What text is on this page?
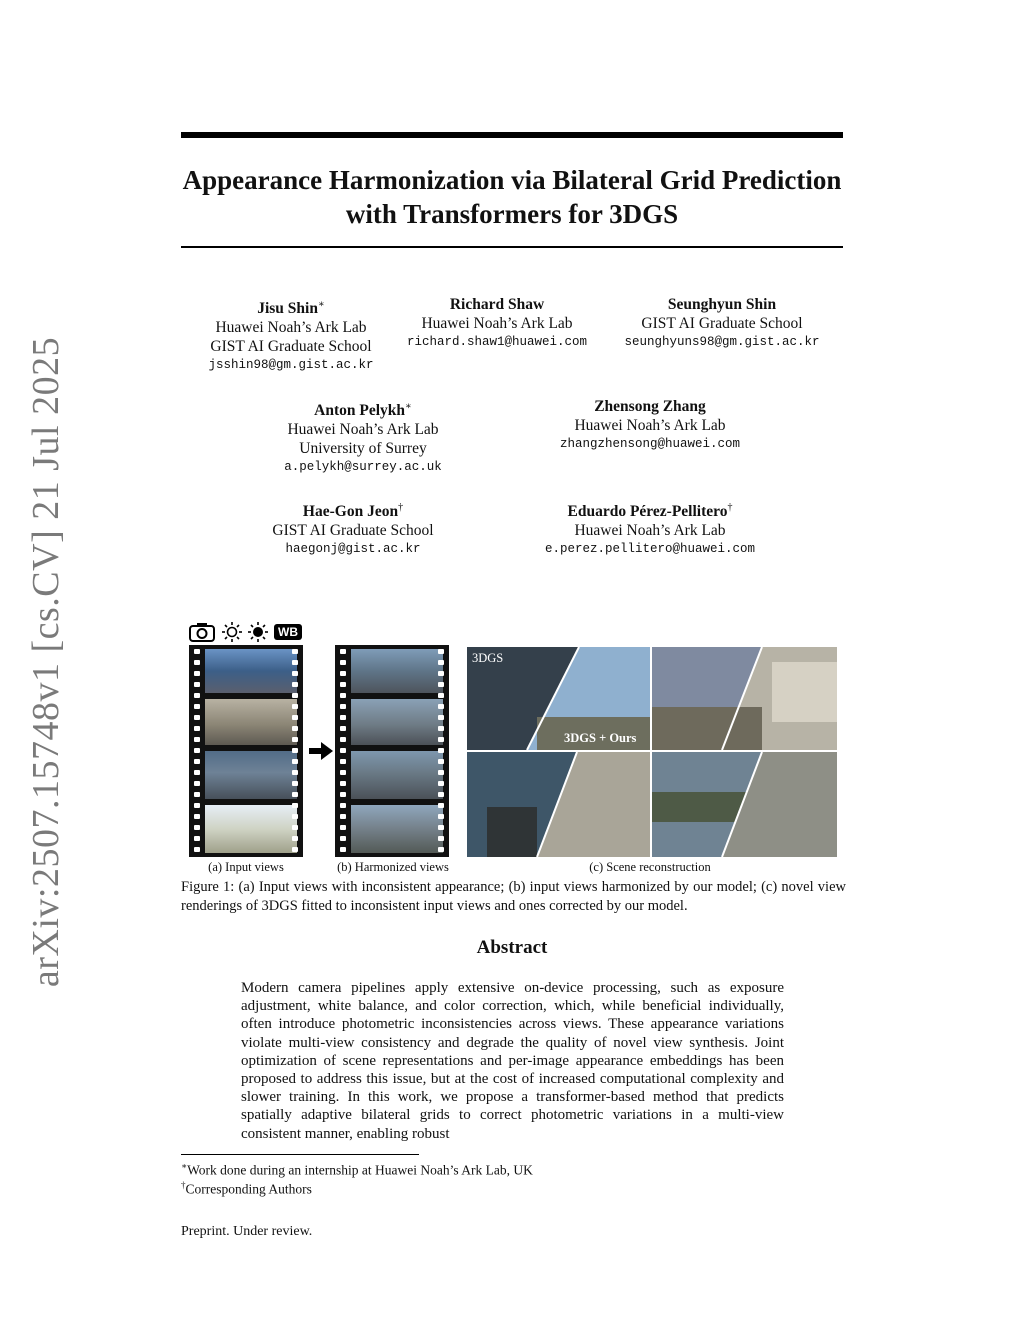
arXiv:2507.15748v1 [cs.CV] 21 Jul 2025
Appearance Harmonization via Bilateral Grid Prediction with Transformers for 3DGS
Jisu Shin∗
Huawei Noah’s Ark Lab
GIST AI Graduate School
jsshin98@gm.gist.ac.kr
Richard Shaw
Huawei Noah’s Ark Lab
richard.shaw1@huawei.com
Seunghyun Shin
GIST AI Graduate School
seunghyuns98@gm.gist.ac.kr
Anton Pelykh∗
Huawei Noah’s Ark Lab
University of Surrey
a.pelykh@surrey.ac.uk
Zhensong Zhang
Huawei Noah’s Ark Lab
zhangzhensong@huawei.com
Hae-Gon Jeon†
GIST AI Graduate School
haegonj@gist.ac.kr
Eduardo Pérez-Pellitero†
Huawei Noah’s Ark Lab
e.perez.pellitero@huawei.com
WB
3DGS
3DGS + Ours
(a) Input views	(b) Harmonized views	(c) Scene reconstruction
Figure 1: (a) Input views with inconsistent appearance; (b) input views harmonized by our model; (c) novel view renderings of 3DGS fitted to inconsistent input views and ones corrected by our model.
Abstract
Modern camera pipelines apply extensive on-device processing, such as exposure adjustment, white balance, and color correction, which, while beneficial individually, often introduce photometric inconsistencies across views. These appearance variations violate multi-view consistency and degrade the quality of novel view synthesis. Joint optimization of scene representations and per-image appearance embeddings has been proposed to address this issue, but at the cost of increased computational complexity and slower training. In this work, we propose a transformer-based method that predicts spatially adaptive bilateral grids to correct photometric variations in a multi-view consistent manner, enabling robust
∗Work done during an internship at Huawei Noah’s Ark Lab, UK
†Corresponding Authors
Preprint. Under review.
